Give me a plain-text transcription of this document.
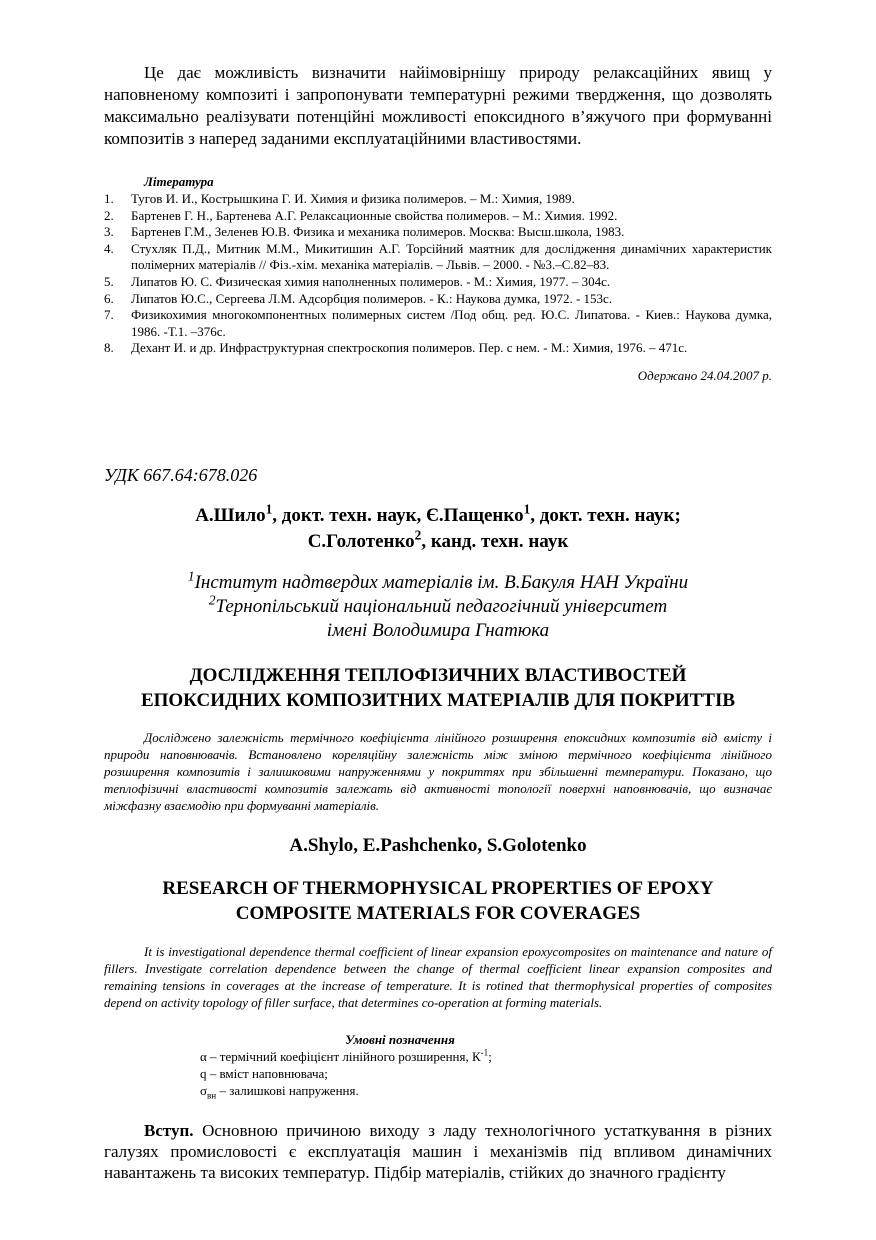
Це дає можливість визначити найімовірнішу природу релаксаційних явищ у наповненому композиті і запропонувати температурні режими твердження, що дозволять максимально реалізувати потенційні можливості епоксидного в’яжучого при формуванні композитів з наперед заданими експлуатаційними властивостями.

Література
1. Тугов И. И., Кострышкина Г. И. Химия и физика полимеров. – М.: Химия, 1989.
2. Бартенев Г. Н., Бартенева А.Г. Релаксационные свойства полимеров. – М.: Химия. 1992.
3. Бартенев Г.М., Зеленев Ю.В. Физика и механика полимеров. Москва: Высш.школа, 1983.
4. Стухляк П.Д., Митник М.М., Микитишин А.Г. Торсійний маятник для дослідження динамічних характеристик полімерних матеріалів // Фіз.-хім. механіка матеріалів. – Львів. – 2000. - №3.–С.82–83.
5. Липатов Ю. С. Физическая химия наполненных полимеров. - М.: Химия, 1977. – 304с.
6. Липатов Ю.С., Сергеева Л.М. Адсорбция полимеров. - К.: Наукова думка, 1972. - 153с.
7. Физикохимия многокомпонентных полимерных систем /Под общ. ред. Ю.С. Липатова. - Киев.: Наукова думка, 1986. -Т.1. –376с.
8. Дехант И. и др. Инфраструктурная спектроскопия полимеров. Пер. с нем. - М.: Химия, 1976. – 471с.
Одержано 24.04.2007 р.
УДК 667.64:678.026
А.Шило$^1$, докт. техн. наук, Є.Пащенко$^1$, докт. техн. наук;
С.Голотенко$^2$, канд. техн. наук
$^1$Інститут надтвердих матеріалів ім. В.Бакуля НАН України
$^2$Тернопільський національний педагогічний університет
імені Володимира Гнатюка
ДОСЛІДЖЕННЯ ТЕПЛОФІЗИЧНИХ ВЛАСТИВОСТЕЙ
ЕПОКСИДНИХ КОМПОЗИТНИХ МАТЕРІАЛІВ ДЛЯ ПОКРИТТІВ

Досліджено залежність термічного коефіцієнта лінійного розширення епоксидних композитів від вмісту і природи наповнювачів. Встановлено кореляційну залежність між зміною термічного коефіцієнта лінійного розширення композитів і залишковими напруженнями у покриттях при збільшенні температури. Показано, що теплофізичні властивості композитів залежать від активності топології поверхні наповнювачів, що визначає міжфазну взаємодію при формуванні матеріалів.

A.Shylo, E.Pashchenko, S.Golotenko
RESEARCH OF THERMOPHYSICAL PROPERTIES OF EPOXY
COMPOSITE MATERIALS FOR COVERAGES

It is investigational dependence thermal coefficient of linear expansion epoxycomposites on maintenance and nature of fillers. Investigate correlation dependence between the change of thermal coefficient linear expansion composites and remaining tensions in coverages at the increase of temperature. It is rotined that thermophysical properties of composites depend on activity topology of filler surface, that determines co-operation at forming materials.

Умовні позначення
α – термічний коефіцієнт лінійного розширення, $К^{-1}$;
q – вміст наповнювача;
$\sigma_{вн}$ – залишкові напруження.

Вступ. Основною причиною виходу з ладу технологічного устаткування в різних галузях промисловості є експлуатація машин і механізмів під впливом динамічних навантажень та високих температур. Підбір матеріалів, стійких до значного градієнту
